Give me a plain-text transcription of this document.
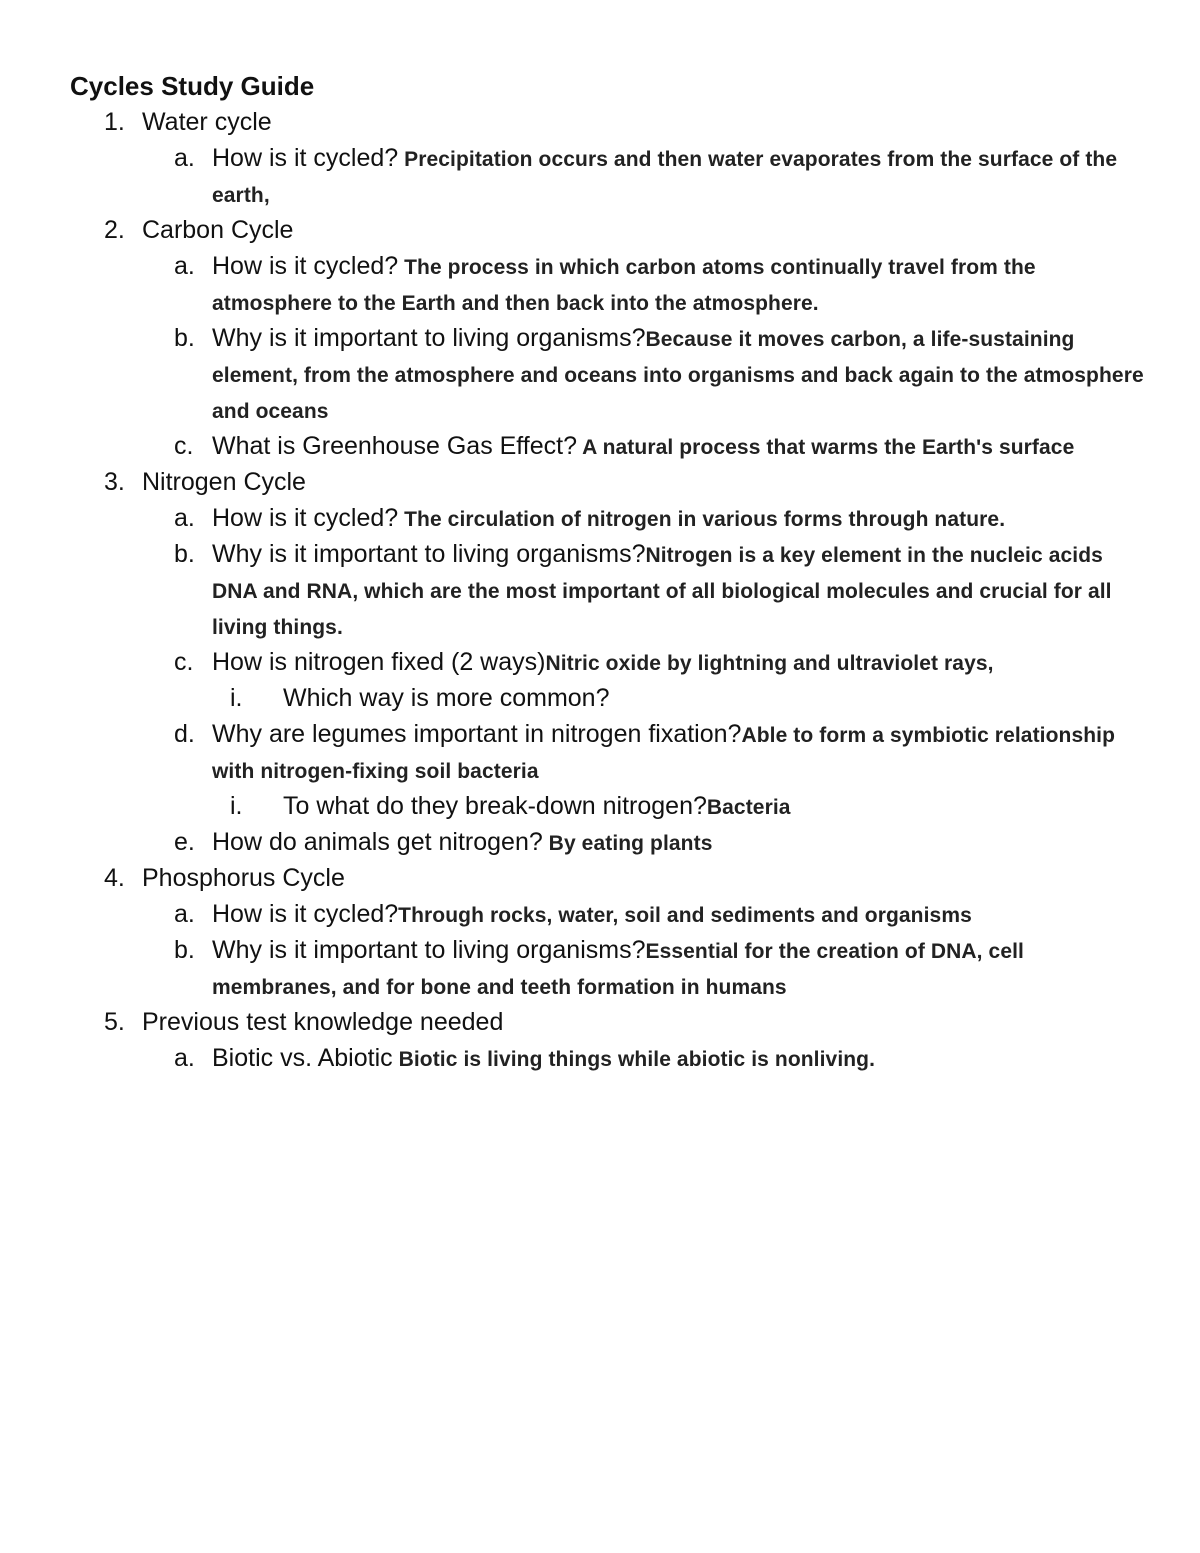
Cycles Study Guide
1. Water cycle
a. How is it cycled? Precipitation occurs and then water evaporates from the surface of the earth,
2. Carbon Cycle
a. How is it cycled? The process in which carbon atoms continually travel from the atmosphere to the Earth and then back into the atmosphere.
b. Why is it important to living organisms?Because it moves carbon, a life-sustaining element, from the atmosphere and oceans into organisms and back again to the atmosphere and oceans
c. What is Greenhouse Gas Effect? A natural process that warms the Earth's surface
3. Nitrogen Cycle
a. How is it cycled? The circulation of nitrogen in various forms through nature.
b. Why is it important to living organisms?Nitrogen is a key element in the nucleic acids DNA and RNA, which are the most important of all biological molecules and crucial for all living things.
c. How is nitrogen fixed (2 ways)Nitric oxide by lightning and ultraviolet rays,
i. Which way is more common?
d. Why are legumes important in nitrogen fixation?Able to form a symbiotic relationship with nitrogen-fixing soil bacteria
i. To what do they break-down nitrogen?Bacteria
e. How do animals get nitrogen? By eating plants
4. Phosphorus Cycle
a. How is it cycled?Through rocks, water, soil and sediments and organisms
b. Why is it important to living organisms?Essential for the creation of DNA, cell membranes, and for bone and teeth formation in humans
5. Previous test knowledge needed
a. Biotic vs. Abiotic Biotic is living things while abiotic is nonliving.
